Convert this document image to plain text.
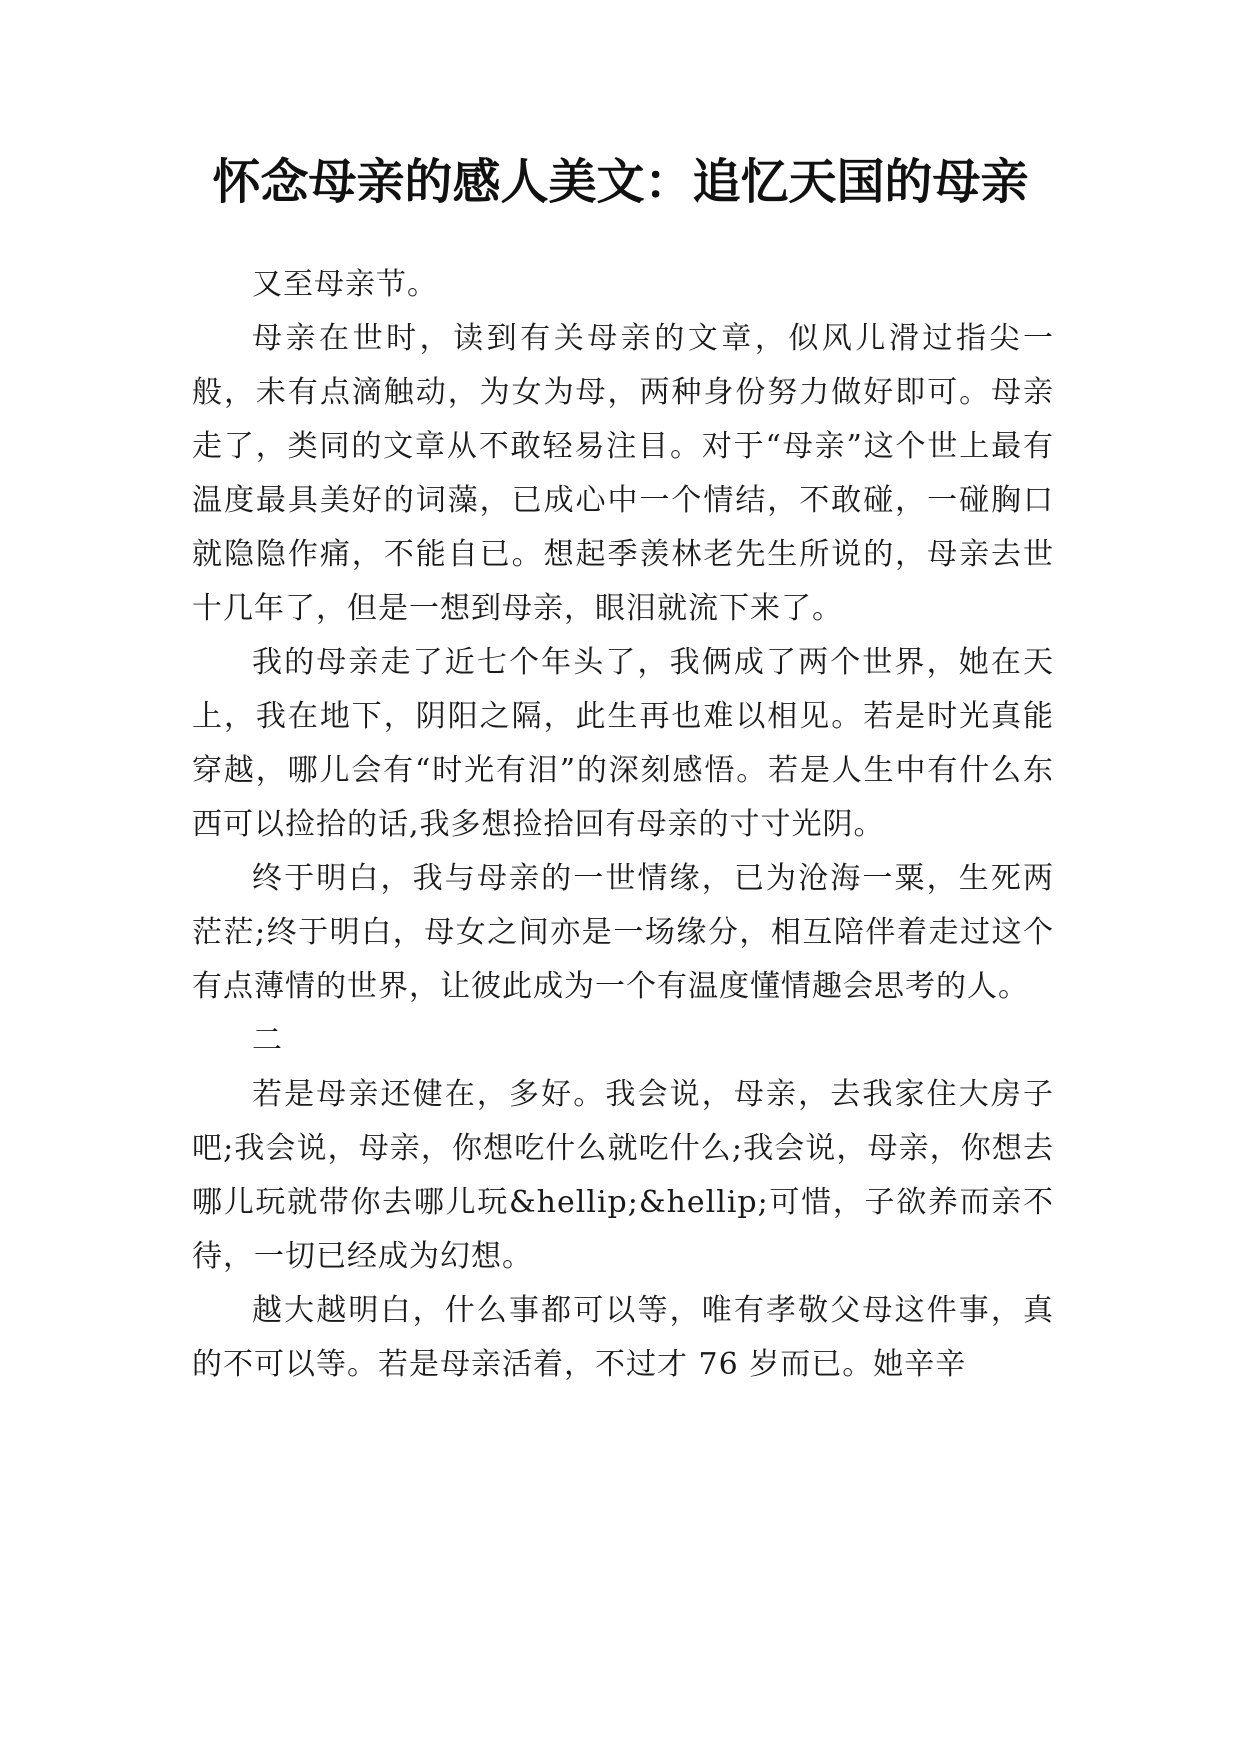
怀念母亲的感人美文：追忆天国的母亲

又至母亲节。

母亲在世时，读到有关母亲的文章，似风儿滑过指尖一般，未有点滴触动，为女为母，两种身份努力做好即可。母亲走了，类同的文章从不敢轻易注目。对于“母亲”这个世上最有温度最具美好的词藻，已成心中一个情结，不敢碰，一碰胸口就隐隐作痛，不能自已。想起季羡林老先生所说的，母亲去世十几年了，但是一想到母亲，眼泪就流下来了。

我的母亲走了近七个年头了，我俩成了两个世界，她在天上，我在地下，阴阳之隔，此生再也难以相见。若是时光真能穿越，哪儿会有“时光有泪”的深刻感悟。若是人生中有什么东西可以捡拾的话,我多想捡拾回有母亲的寸寸光阴。

终于明白，我与母亲的一世情缘，已为沧海一粟，生死两茫茫;终于明白，母女之间亦是一场缘分，相互陪伴着走过这个有点薄情的世界，让彼此成为一个有温度懂情趣会思考的人。

二

若是母亲还健在，多好。我会说，母亲，去我家住大房子吧;我会说，母亲，你想吃什么就吃什么;我会说，母亲，你想去哪儿玩就带你去哪儿玩&hellip;&hellip;可惜，子欲养而亲不待，一切已经成为幻想。

越大越明白，什么事都可以等，唯有孝敬父母这件事，真的不可以等。若是母亲活着，不过才 76 岁而已。她辛辛
